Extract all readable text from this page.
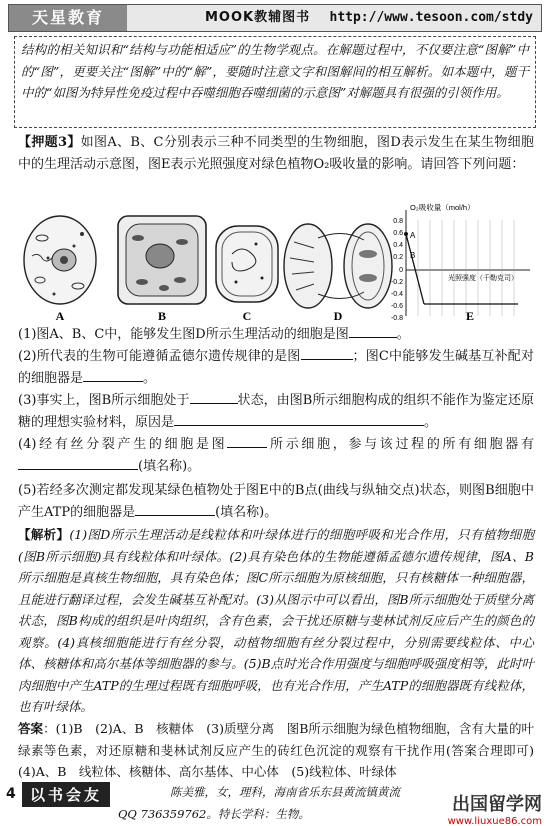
天星教育	MOOK教辅图书 http://www.tesoon.com/stdy

结构的相关知识和“结构与功能相适应”的生物学观点。在解题过程中，不仅要注意“图解”中的“图”，更要关注“图解”中的“解”，要随时注意文字和图解间的相互解析。如本题中，题干中的“如图为特异性免疫过程中吞噬细胞吞噬细菌的示意图”对解题具有很强的引领作用。

【押题3】如图A、B、C分别表示三种不同类型的生物细胞，图D表示发生在某生物细胞中的生理活动示意图，图E表示光照强度对绿色植物O₂吸收量的影响。请回答下列问题：

A	B	C	D
O₂吸收量（mol/h）
0.8
0.6
0.4
0.2
0
-0.2
-0.4
-0.6
-0.8
A
B
光照强度（千勒克司）
E

(1)图A、B、C中，能够发生图D所示生理活动的细胞是图	。

(2)所代表的生物可能遵循孟德尔遗传规律的是图	；图C中能够发生碱基互补配对的细胞器是	。

(3)事实上，图B所示细胞处于	状态，由图B所示细胞构成的组织不能作为鉴定还原糖的理想实验材料，原因是	。

(4)经有丝分裂产生的细胞是图	所示细胞，参与该过程的所有细胞器有(填名称)。

(5)若经多次测定都发现某绿色植物处于图E中的B点(曲线与纵轴交点)状态，则图B细胞中产生ATP的细胞器是	(填名称)。

【解析】(1)图D所示生理活动是线粒体和叶绿体进行的细胞呼吸和光合作用，只有植物细胞(图B所示细胞)具有线粒体和叶绿体。(2)具有染色体的生物能遵循孟德尔遗传规律，图A、B所示细胞是真核生物细胞，具有染色体；图C所示细胞为原核细胞，只有核糖体一种细胞器，且能进行翻译过程，会发生碱基互补配对。(3)从图示中可以看出，图B所示细胞处于质壁分离状态，图B构成的组织是叶肉组织，含有色素，会干扰还原糖与斐林试剂反应后产生的颜色的观察。(4)真核细胞能进行有丝分裂，动植物细胞有丝分裂过程中，分别需要线粒体、中心体、核糖体和高尔基体等细胞器的参与。(5)B点时光合作用强度与细胞呼吸强度相等，此时叶肉细胞中产生ATP的生理过程既有细胞呼吸，也有光合作用，产生ATP的细胞器既有线粒体，也有叶绿体。

答案：(1)B　(2)A、B　核糖体　(3)质壁分离　图B所示细胞为绿色植物细胞，含有大量的叶绿素等色素，对还原糖和斐林试剂反应产生的砖红色沉淀的观察有干扰作用(答案合理即可)　(4)A、B　线粒体、核糖体、高尔基体、中心体　(5)线粒体、叶绿体

4 以书会友	陈美雅，女，理科，海南省乐东县黄流镇黄流
QQ 736359762。特长学科：生物。	出国留学网
www.liuxue86.com
